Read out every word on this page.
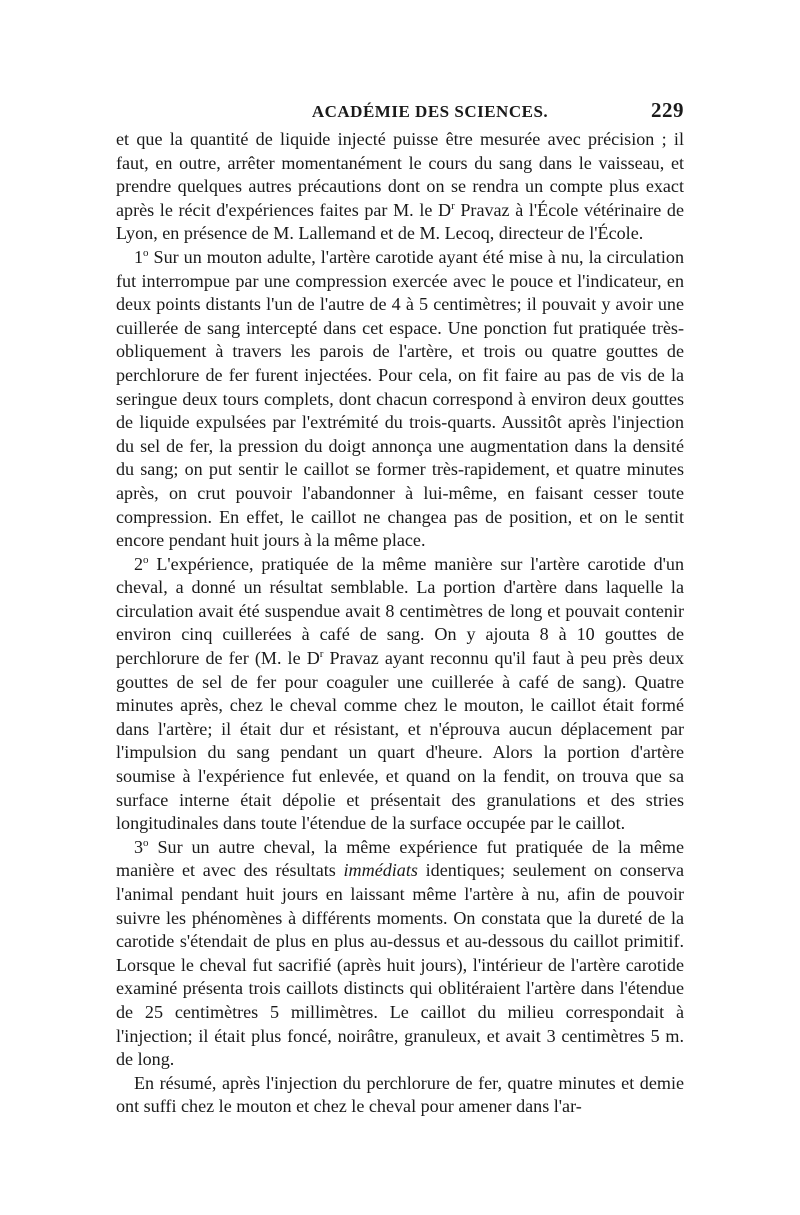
ACADÉMIE DES SCIENCES.	229

et que la quantité de liquide injecté puisse être mesurée avec précision ; il faut, en outre, arrêter momentanément le cours du sang dans le vaisseau, et prendre quelques autres précautions dont on se rendra un compte plus exact après le récit d'expériences faites par M. le $D^r$ Pravaz à l'École vétérinaire de Lyon, en présence de M. Lallemand et de M. Lecoq, directeur de l'École.

1$^o$ Sur un mouton adulte, l'artère carotide ayant été mise à nu, la circulation fut interrompue par une compression exercée avec le pouce et l'indicateur, en deux points distants l'un de l'autre de 4 à 5 centimètres; il pouvait y avoir une cuillerée de sang intercepté dans cet espace. Une ponction fut pratiquée très-obliquement à travers les parois de l'artère, et trois ou quatre gouttes de perchlorure de fer furent injectées. Pour cela, on fit faire au pas de vis de la seringue deux tours complets, dont chacun correspond à environ deux gouttes de liquide expulsées par l'extrémité du trois-quarts. Aussitôt après l'injection du sel de fer, la pression du doigt annonça une augmentation dans la densité du sang; on put sentir le caillot se former très-rapidement, et quatre minutes après, on crut pouvoir l'abandonner à lui-même, en faisant cesser toute compression. En effet, le caillot ne changea pas de position, et on le sentit encore pendant huit jours à la même place.

2$^o$ L'expérience, pratiquée de la même manière sur l'artère carotide d'un cheval, a donné un résultat semblable. La portion d'artère dans laquelle la circulation avait été suspendue avait 8 centimètres de long et pouvait contenir environ cinq cuillerées à café de sang. On y ajouta 8 à 10 gouttes de perchlorure de fer (M. le $D^r$ Pravaz ayant reconnu qu'il faut à peu près deux gouttes de sel de fer pour coaguler une cuillerée à café de sang). Quatre minutes après, chez le cheval comme chez le mouton, le caillot était formé dans l'artère; il était dur et résistant, et n'éprouva aucun déplacement par l'impulsion du sang pendant un quart d'heure. Alors la portion d'artère soumise à l'expérience fut enlevée, et quand on la fendit, on trouva que sa surface interne était dépolie et présentait des granulations et des stries longitudinales dans toute l'étendue de la surface occupée par le caillot.

3$^o$ Sur un autre cheval, la même expérience fut pratiquée de la même manière et avec des résultats immédiats identiques; seulement on conserva l'animal pendant huit jours en laissant même l'artère à nu, afin de pouvoir suivre les phénomènes à différents moments. On constata que la dureté de la carotide s'étendait de plus en plus au-dessus et au-dessous du caillot primitif. Lorsque le cheval fut sacrifié (après huit jours), l'intérieur de l'artère carotide examiné présenta trois caillots distincts qui oblitéraient l'artère dans l'étendue de 25 centimètres 5 millimètres. Le caillot du milieu correspondait à l'injection; il était plus foncé, noirâtre, granuleux, et avait 3 centimètres 5 m. de long.

En résumé, après l'injection du perchlorure de fer, quatre minutes et demie ont suffi chez le mouton et chez le cheval pour amener dans l'ar-
